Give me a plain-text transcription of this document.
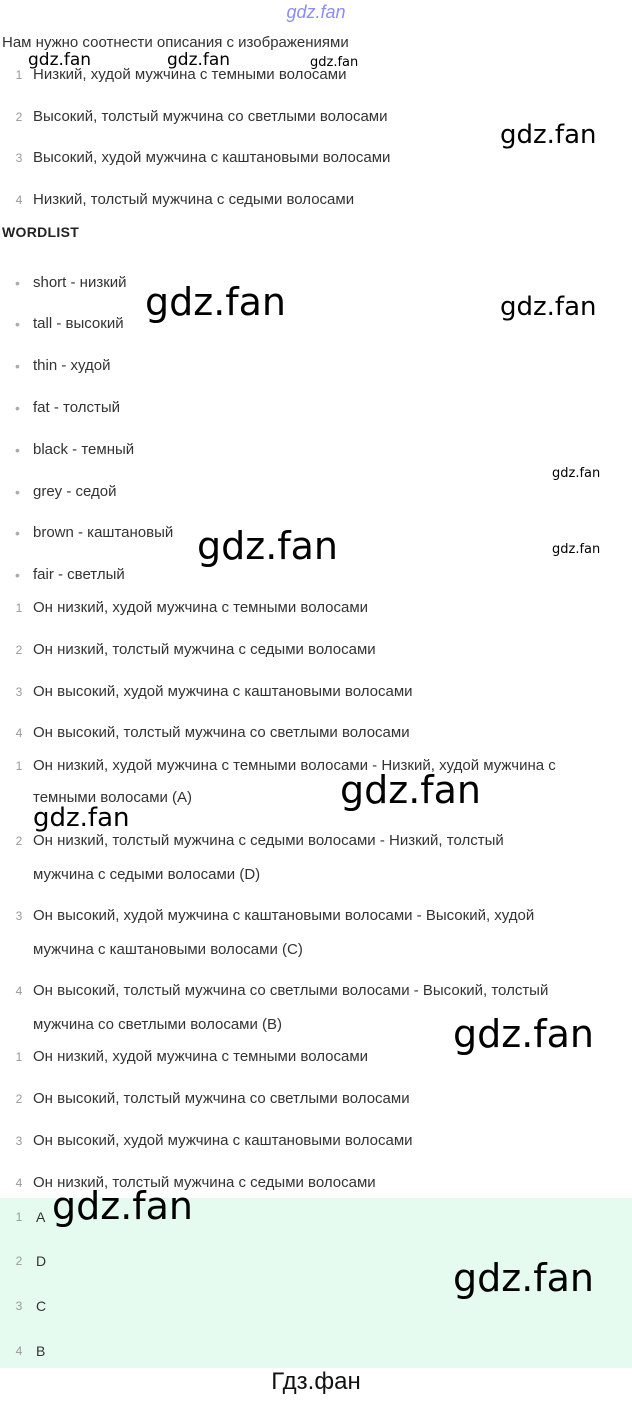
gdz.fan
Нам нужно соотнести описания с изображениями
1 Низкий, худой мужчина с темными волосами
2 Высокий, толстый мужчина со светлыми волосами
3 Высокий, худой мужчина с каштановыми волосами
4 Низкий, толстый мужчина с седыми волосами
WORDLIST
• short - низкий
• tall - высокий
• thin - худой
• fat - толстый
• black - темный
• grey - седой
• brown - каштановый
• fair - светлый
1 Он низкий, худой мужчина с темными волосами
2 Он низкий, толстый мужчина с седыми волосами
3 Он высокий, худой мужчина с каштановыми волосами
4 Он высокий, толстый мужчина со светлыми волосами
1 Он низкий, худой мужчина с темными волосами - Низкий, худой мужчина с
темными волосами (A)
2 Он низкий, толстый мужчина с седыми волосами - Низкий, толстый
мужчина с седыми волосами (D)
3 Он высокий, худой мужчина с каштановыми волосами - Высокий, худой
мужчина с каштановыми волосами (C)
4 Он высокий, толстый мужчина со светлыми волосами - Высокий, толстый
мужчина со светлыми волосами (B)
1 Он низкий, худой мужчина с темными волосами
2 Он высокий, толстый мужчина со светлыми волосами
3 Он высокий, худой мужчина с каштановыми волосами
4 Он низкий, толстый мужчина с седыми волосами
1 A
2 D
3 C
4 B
gdz.fan	gdz.fan	gdz.fan
gdz.fan
gdz.fan	gdz.fan
gdz.fan
gdz.fan	gdz.fan
gdz.fan
gdz.fan
gdz.fan
gdz.fan
gdz.fan
Гдз.фан
